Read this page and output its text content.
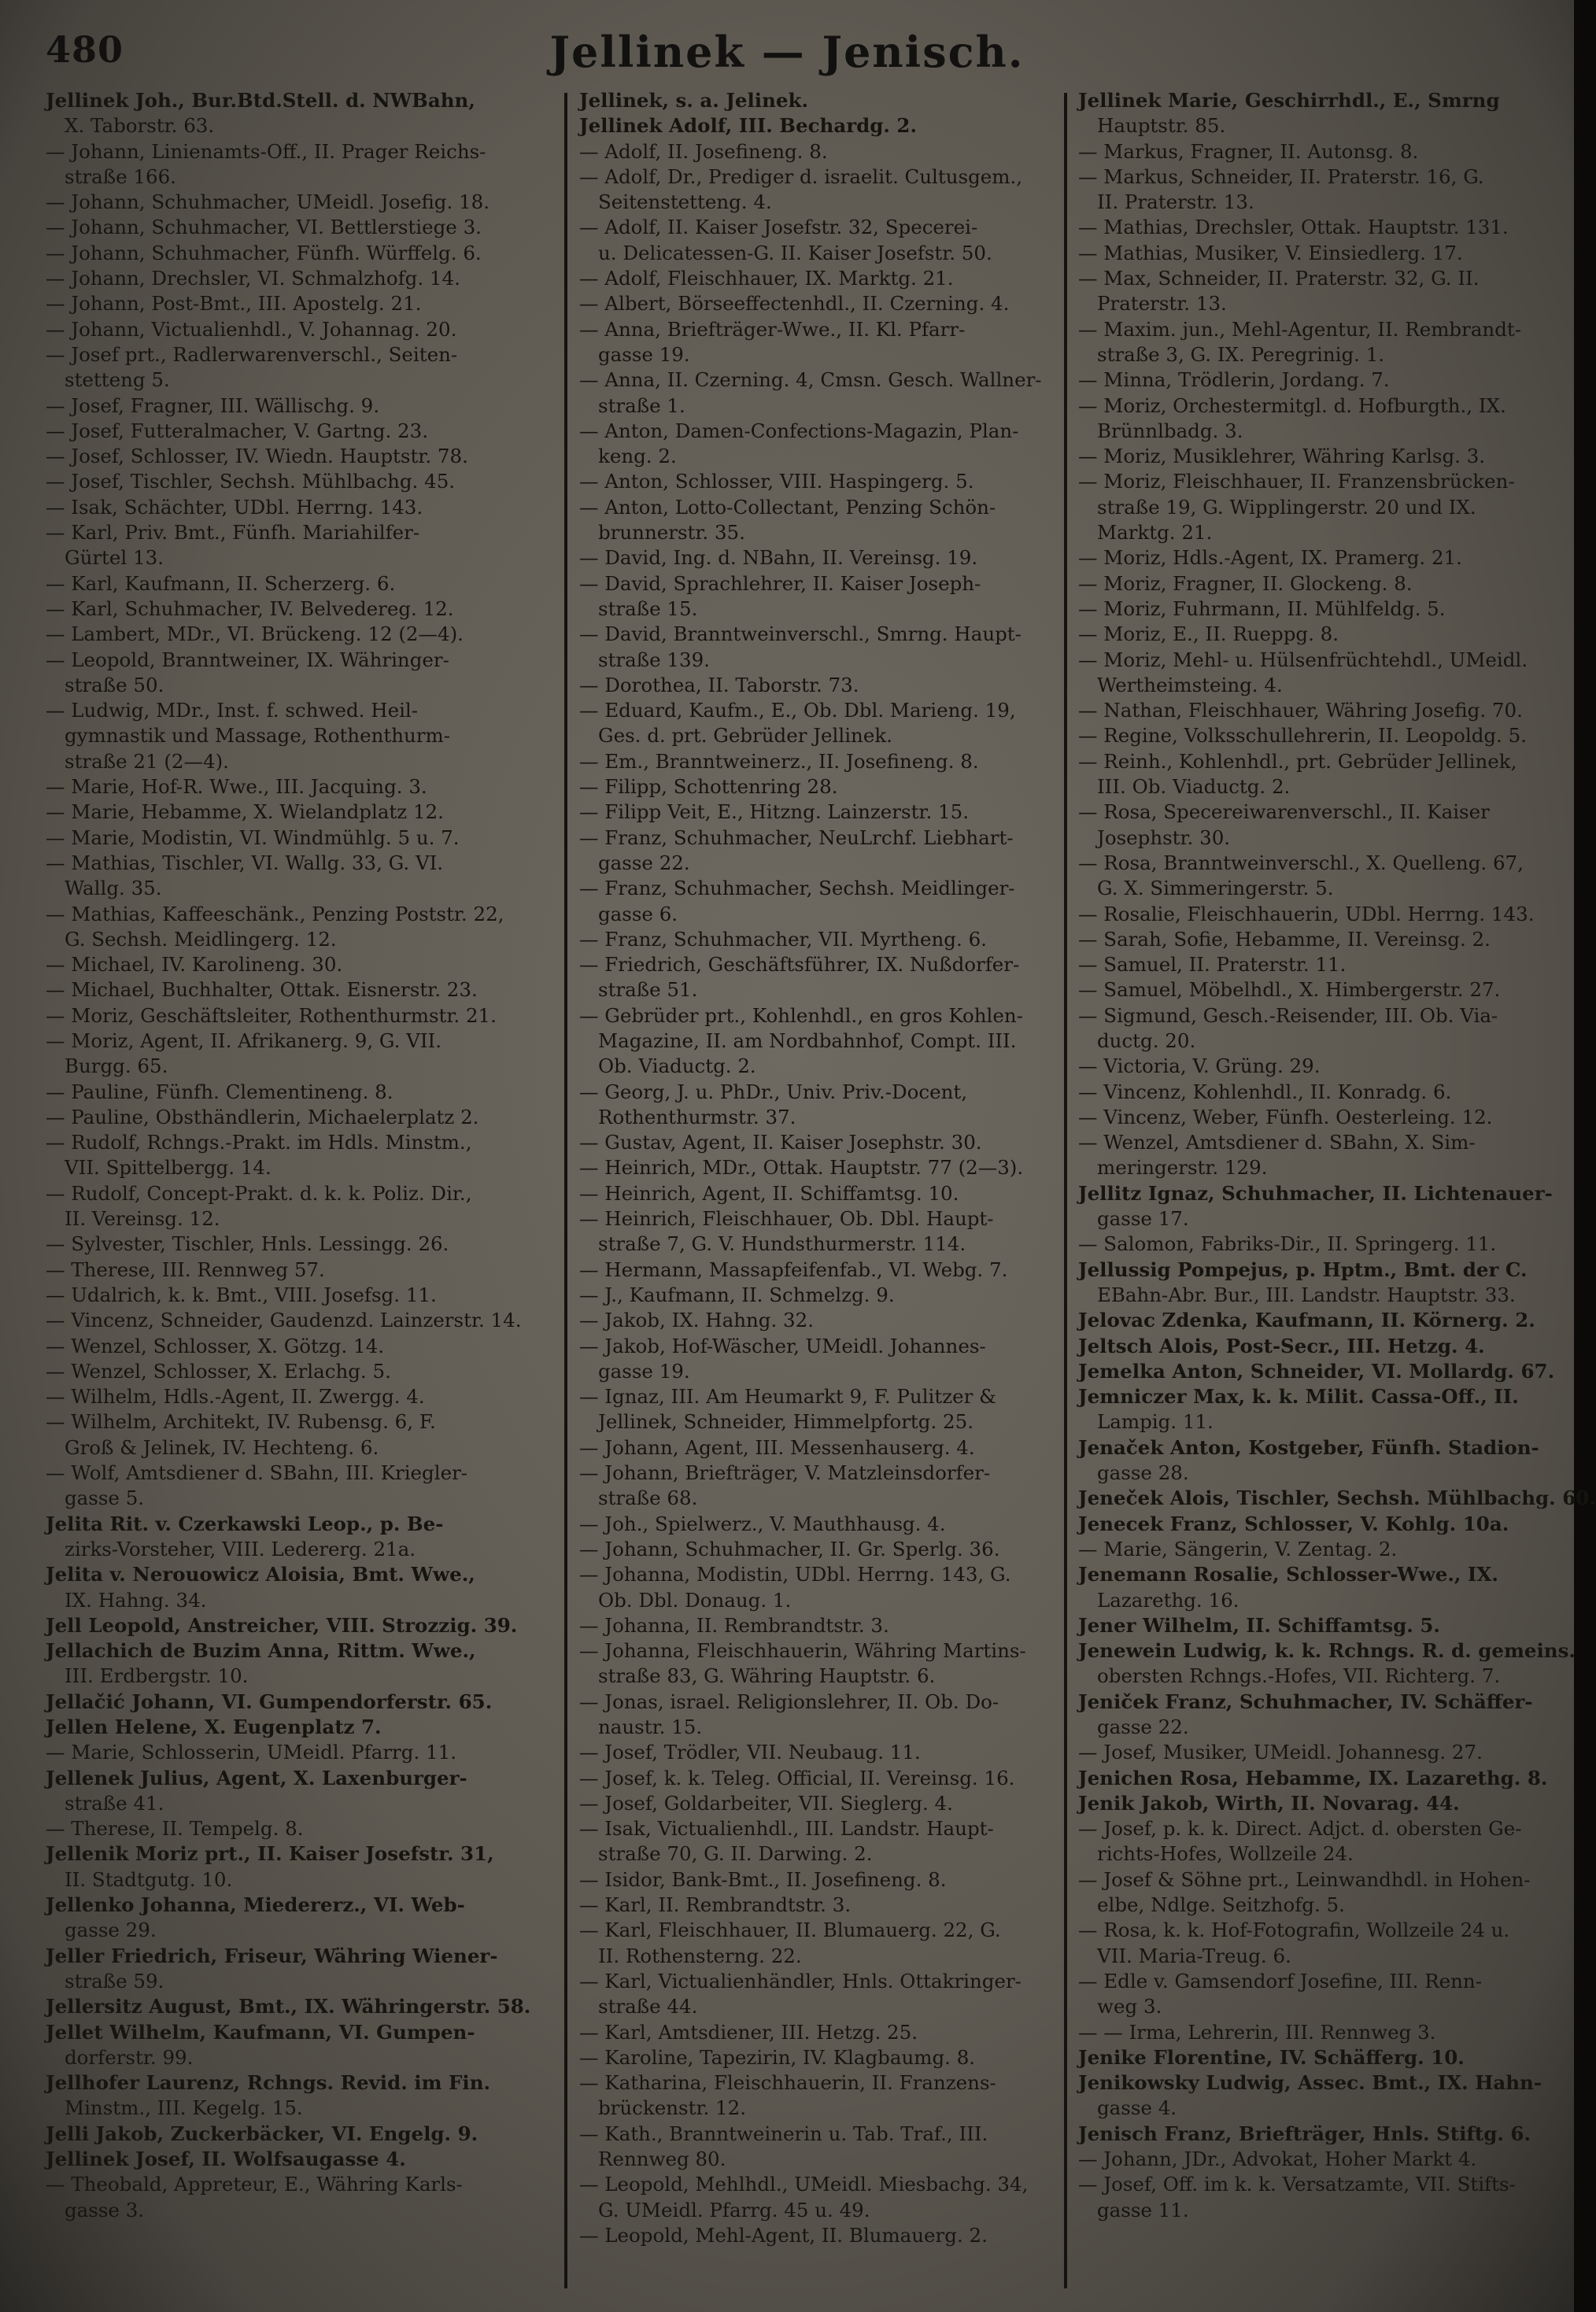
480	Jellinek — Jenisch.
Jellinek Joh., Bur.Btd.Stell. d. NWBahn,
X. Taborstr. 63.
— Johann, Linienamts-Off., II. Prager Reichs-
straße 166.
— Johann, Schuhmacher, UMeidl. Josefig. 18.
— Johann, Schuhmacher, VI. Bettlerstiege 3.
— Johann, Schuhmacher, Fünfh. Würffelg. 6.
— Johann, Drechsler, VI. Schmalzhofg. 14.
— Johann, Post-Bmt., III. Apostelg. 21.
— Johann, Victualienhdl., V. Johannag. 20.
— Josef prt., Radlerwarenverschl., Seiten-
stetteng 5.
— Josef, Fragner, III. Wällischg. 9.
— Josef, Futteralmacher, V. Gartng. 23.
— Josef, Schlosser, IV. Wiedn. Hauptstr. 78.
— Josef, Tischler, Sechsh. Mühlbachg. 45.
— Isak, Schächter, UDbl. Herrng. 143.
— Karl, Priv. Bmt., Fünfh. Mariahilfer-
Gürtel 13.
— Karl, Kaufmann, II. Scherzerg. 6.
— Karl, Schuhmacher, IV. Belvedereg. 12.
— Lambert, MDr., VI. Brückeng. 12 (2—4).
— Leopold, Branntweiner, IX. Währinger-
straße 50.
— Ludwig, MDr., Inst. f. schwed. Heil-
gymnastik und Massage, Rothenthurm-
straße 21 (2—4).
— Marie, Hof-R. Wwe., III. Jacquing. 3.
— Marie, Hebamme, X. Wielandplatz 12.
— Marie, Modistin, VI. Windmühlg. 5 u. 7.
— Mathias, Tischler, VI. Wallg. 33, G. VI.
Wallg. 35.
— Mathias, Kaffeeschänk., Penzing Poststr. 22,
G. Sechsh. Meidlingerg. 12.
— Michael, IV. Karolineng. 30.
— Michael, Buchhalter, Ottak. Eisnerstr. 23.
— Moriz, Geschäftsleiter, Rothenthurmstr. 21.
— Moriz, Agent, II. Afrikanerg. 9, G. VII.
Burgg. 65.
— Pauline, Fünfh. Clementineng. 8.
— Pauline, Obsthändlerin, Michaelerplatz 2.
— Rudolf, Rchngs.-Prakt. im Hdls. Minstm.,
VII. Spittelbergg. 14.
— Rudolf, Concept-Prakt. d. k. k. Poliz. Dir.,
II. Vereinsg. 12.
— Sylvester, Tischler, Hnls. Lessingg. 26.
— Therese, III. Rennweg 57.
— Udalrich, k. k. Bmt., VIII. Josefsg. 11.
— Vincenz, Schneider, Gaudenzd. Lainzerstr. 14.
— Wenzel, Schlosser, X. Götzg. 14.
— Wenzel, Schlosser, X. Erlachg. 5.
— Wilhelm, Hdls.-Agent, II. Zwergg. 4.
— Wilhelm, Architekt, IV. Rubensg. 6, F.
Groß & Jelinek, IV. Hechteng. 6.
— Wolf, Amtsdiener d. SBahn, III. Kriegler-
gasse 5.
Jelita Rit. v. Czerkawski Leop., p. Be-
zirks-Vorsteher, VIII. Ledererg. 21a.
Jelita v. Nerouowicz Aloisia, Bmt. Wwe.,
IX. Hahng. 34.
Jell Leopold, Anstreicher, VIII. Strozzig. 39.
Jellachich de Buzim Anna, Rittm. Wwe.,
III. Erdbergstr. 10.
Jellačić Johann, VI. Gumpendorferstr. 65.
Jellen Helene, X. Eugenplatz 7.
— Marie, Schlosserin, UMeidl. Pfarrg. 11.
Jellenek Julius, Agent, X. Laxenburger-
straße 41.
— Therese, II. Tempelg. 8.
Jellenik Moriz prt., II. Kaiser Josefstr. 31,
II. Stadtgutg. 10.
Jellenko Johanna, Miedererz., VI. Web-
gasse 29.
Jeller Friedrich, Friseur, Währing Wiener-
straße 59.
Jellersitz August, Bmt., IX. Währingerstr. 58.
Jellet Wilhelm, Kaufmann, VI. Gumpen-
dorferstr. 99.
Jellhofer Laurenz, Rchngs. Revid. im Fin.
Minstm., III. Kegelg. 15.
Jelli Jakob, Zuckerbäcker, VI. Engelg. 9.
Jellinek Josef, II. Wolfsaugasse 4.
— Theobald, Appreteur, E., Währing Karls-
gasse 3.
Jellinek, s. a. Jelinek.
Jellinek Adolf, III. Bechardg. 2.
— Adolf, II. Josefineng. 8.
— Adolf, Dr., Prediger d. israelit. Cultusgem.,
Seitenstetteng. 4.
— Adolf, II. Kaiser Josefstr. 32, Specerei-
u. Delicatessen-G. II. Kaiser Josefstr. 50.
— Adolf, Fleischhauer, IX. Marktg. 21.
— Albert, Börseeffectenhdl., II. Czerning. 4.
— Anna, Briefträger-Wwe., II. Kl. Pfarr-
gasse 19.
— Anna, II. Czerning. 4, Cmsn. Gesch. Wallner-
straße 1.
— Anton, Damen-Confections-Magazin, Plan-
keng. 2.
— Anton, Schlosser, VIII. Haspingerg. 5.
— Anton, Lotto-Collectant, Penzing Schön-
brunnerstr. 35.
— David, Ing. d. NBahn, II. Vereinsg. 19.
— David, Sprachlehrer, II. Kaiser Joseph-
straße 15.
— David, Branntweinverschl., Smrng. Haupt-
straße 139.
— Dorothea, II. Taborstr. 73.
— Eduard, Kaufm., E., Ob. Dbl. Marieng. 19,
Ges. d. prt. Gebrüder Jellinek.
— Em., Branntweinerz., II. Josefineng. 8.
— Filipp, Schottenring 28.
— Filipp Veit, E., Hitzng. Lainzerstr. 15.
— Franz, Schuhmacher, NeuLrchf. Liebhart-
gasse 22.
— Franz, Schuhmacher, Sechsh. Meidlinger-
gasse 6.
— Franz, Schuhmacher, VII. Myrtheng. 6.
— Friedrich, Geschäftsführer, IX. Nußdorfer-
straße 51.
— Gebrüder prt., Kohlenhdl., en gros Kohlen-
Magazine, II. am Nordbahnhof, Compt. III.
Ob. Viaductg. 2.
— Georg, J. u. PhDr., Univ. Priv.-Docent,
Rothenthurmstr. 37.
— Gustav, Agent, II. Kaiser Josephstr. 30.
— Heinrich, MDr., Ottak. Hauptstr. 77 (2—3).
— Heinrich, Agent, II. Schiffamtsg. 10.
— Heinrich, Fleischhauer, Ob. Dbl. Haupt-
straße 7, G. V. Hundsthurmerstr. 114.
— Hermann, Massapfeifenfab., VI. Webg. 7.
— J., Kaufmann, II. Schmelzg. 9.
— Jakob, IX. Hahng. 32.
— Jakob, Hof-Wäscher, UMeidl. Johannes-
gasse 19.
— Ignaz, III. Am Heumarkt 9, F. Pulitzer &
Jellinek, Schneider, Himmelpfortg. 25.
— Johann, Agent, III. Messenhauserg. 4.
— Johann, Briefträger, V. Matzleinsdorfer-
straße 68.
— Joh., Spielwerz., V. Mauthhausg. 4.
— Johann, Schuhmacher, II. Gr. Sperlg. 36.
— Johanna, Modistin, UDbl. Herrng. 143, G.
Ob. Dbl. Donaug. 1.
— Johanna, II. Rembrandtstr. 3.
— Johanna, Fleischhauerin, Währing Martins-
straße 83, G. Währing Hauptstr. 6.
— Jonas, israel. Religionslehrer, II. Ob. Do-
naustr. 15.
— Josef, Trödler, VII. Neubaug. 11.
— Josef, k. k. Teleg. Official, II. Vereinsg. 16.
— Josef, Goldarbeiter, VII. Sieglerg. 4.
— Isak, Victualienhdl., III. Landstr. Haupt-
straße 70, G. II. Darwing. 2.
— Isidor, Bank-Bmt., II. Josefineng. 8.
— Karl, II. Rembrandtstr. 3.
— Karl, Fleischhauer, II. Blumauerg. 22, G.
II. Rothensterng. 22.
— Karl, Victualienhändler, Hnls. Ottakringer-
straße 44.
— Karl, Amtsdiener, III. Hetzg. 25.
— Karoline, Tapezirin, IV. Klagbaumg. 8.
— Katharina, Fleischhauerin, II. Franzens-
brückenstr. 12.
— Kath., Branntweinerin u. Tab. Traf., III.
Rennweg 80.
— Leopold, Mehlhdl., UMeidl. Miesbachg. 34,
G. UMeidl. Pfarrg. 45 u. 49.
— Leopold, Mehl-Agent, II. Blumauerg. 2.
Jellinek Marie, Geschirrhdl., E., Smrng
Hauptstr. 85.
— Markus, Fragner, II. Autonsg. 8.
— Markus, Schneider, II. Praterstr. 16, G.
II. Praterstr. 13.
— Mathias, Drechsler, Ottak. Hauptstr. 131.
— Mathias, Musiker, V. Einsiedlerg. 17.
— Max, Schneider, II. Praterstr. 32, G. II.
Praterstr. 13.
— Maxim. jun., Mehl-Agentur, II. Rembrandt-
straße 3, G. IX. Peregrinig. 1.
— Minna, Trödlerin, Jordang. 7.
— Moriz, Orchestermitgl. d. Hofburgth., IX.
Brünnlbadg. 3.
— Moriz, Musiklehrer, Währing Karlsg. 3.
— Moriz, Fleischhauer, II. Franzensbrücken-
straße 19, G. Wipplingerstr. 20 und IX.
Marktg. 21.
— Moriz, Hdls.-Agent, IX. Pramerg. 21.
— Moriz, Fragner, II. Glockeng. 8.
— Moriz, Fuhrmann, II. Mühlfeldg. 5.
— Moriz, E., II. Rueppg. 8.
— Moriz, Mehl- u. Hülsenfrüchtehdl., UMeidl.
Wertheimsteing. 4.
— Nathan, Fleischhauer, Währing Josefig. 70.
— Regine, Volksschullehrerin, II. Leopoldg. 5.
— Reinh., Kohlenhdl., prt. Gebrüder Jellinek,
III. Ob. Viaductg. 2.
— Rosa, Specereiwarenverschl., II. Kaiser
Josephstr. 30.
— Rosa, Branntweinverschl., X. Quelleng. 67,
G. X. Simmeringerstr. 5.
— Rosalie, Fleischhauerin, UDbl. Herrng. 143.
— Sarah, Sofie, Hebamme, II. Vereinsg. 2.
— Samuel, II. Praterstr. 11.
— Samuel, Möbelhdl., X. Himbergerstr. 27.
— Sigmund, Gesch.-Reisender, III. Ob. Via-
ductg. 20.
— Victoria, V. Grüng. 29.
— Vincenz, Kohlenhdl., II. Konradg. 6.
— Vincenz, Weber, Fünfh. Oesterleing. 12.
— Wenzel, Amtsdiener d. SBahn, X. Sim-
meringerstr. 129.
Jellitz Ignaz, Schuhmacher, II. Lichtenauer-
gasse 17.
— Salomon, Fabriks-Dir., II. Springerg. 11.
Jellussig Pompejus, p. Hptm., Bmt. der C.
EBahn-Abr. Bur., III. Landstr. Hauptstr. 33.
Jelovac Zdenka, Kaufmann, II. Körnerg. 2.
Jeltsch Alois, Post-Secr., III. Hetzg. 4.
Jemelka Anton, Schneider, VI. Mollardg. 67.
Jemniczer Max, k. k. Milit. Cassa-Off., II.
Lampig. 11.
Jenaček Anton, Kostgeber, Fünfh. Stadion-
gasse 28.
Jeneček Alois, Tischler, Sechsh. Mühlbachg. 60.
Jenecek Franz, Schlosser, V. Kohlg. 10a.
— Marie, Sängerin, V. Zentag. 2.
Jenemann Rosalie, Schlosser-Wwe., IX.
Lazarethg. 16.
Jener Wilhelm, II. Schiffamtsg. 5.
Jenewein Ludwig, k. k. Rchngs. R. d. gemeins.
obersten Rchngs.-Hofes, VII. Richterg. 7.
Jeniček Franz, Schuhmacher, IV. Schäffer-
gasse 22.
— Josef, Musiker, UMeidl. Johannesg. 27.
Jenichen Rosa, Hebamme, IX. Lazarethg. 8.
Jenik Jakob, Wirth, II. Novarag. 44.
— Josef, p. k. k. Direct. Adjct. d. obersten Ge-
richts-Hofes, Wollzeile 24.
— Josef & Söhne prt., Leinwandhdl. in Hohen-
elbe, Ndlge. Seitzhofg. 5.
— Rosa, k. k. Hof-Fotografin, Wollzeile 24 u.
VII. Maria-Treug. 6.
— Edle v. Gamsendorf Josefine, III. Renn-
weg 3.
— — Irma, Lehrerin, III. Rennweg 3.
Jenike Florentine, IV. Schäfferg. 10.
Jenikowsky Ludwig, Assec. Bmt., IX. Hahn-
gasse 4.
Jenisch Franz, Briefträger, Hnls. Stiftg. 6.
— Johann, JDr., Advokat, Hoher Markt 4.
— Josef, Off. im k. k. Versatzamte, VII. Stifts-
gasse 11.
